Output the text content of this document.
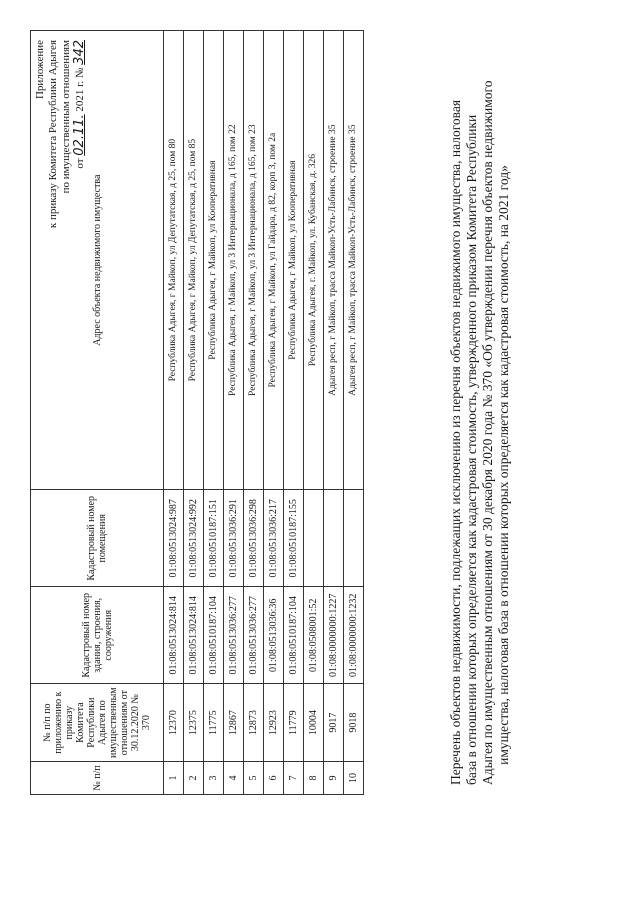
Приложение к приказу Комитета Республики Адыгея по имущественным отношениям от 02.11. 2021 г. № 342
Перечень объектов недвижимости, подлежащих исключению из перечня объектов недвижимого имущества, налоговая база в отношении которых определяется как кадастровая стоимость, утвержденного приказом Комитета Республики Адыгея по имущественным отношениям от 30 декабря 2020 года № 370 «Об утверждении перечня объектов недвижимого имущества, налоговая база в отношении которых определяется как кадастровая стоимость, на 2021 год»
№ п/п	№ п/п по приложению к приказу Комитета Республики Адыгея по имущественным отношениям от 30.12.2020 № 370	Кадастровый номер здания, строения, сооружения	Кадастровый номер помещения	Адрес объекта недвижимого имущества
1	12370	01:08:0513024:814	01:08:0513024:987	Республика Адыгея, г Майкоп, ул Депутатская, д 25, пом 80
2	12375	01:08:0513024:814	01:08:0513024:992	Республика Адыгея, г Майкоп, ул Депутатская, д 25, пом 85
3	11775	01:08:0510187:104	01:08:0510187:151	Республика Адыгея, г Майкоп, ул Кооперативная
4	12867	01:08:0513036:277	01:08:0513036:291	Республика Адыгея, г Майкоп, ул 3 Интернационала, д 165, пом 22
5	12873	01:08:0513036:277	01:08:0513036:298	Республика Адыгея, г Майкоп, ул 3 Интернационала, д 165, пом 23
6	12923	01:08:0513036:36	01:08:0513036:217	Республика Адыгея, г Майкоп, ул Гайдара, д 82, корп 3, пом 2а
7	11779	01:08:0510187:104	01:08:0510187:155	Республика Адыгея, г Майкоп, ул Кооперативная
8	10004	01:08:0508001:52		Республика Адыгея, г. Майкоп, ул. Кубанская, д. 326
9	9017	01:08:0000000:1227		Адыгея респ, г Майкоп, трасса Майкоп-Усть-Лабинск, строение 35
10	9018	01:08:0000000:1232		Адыгея респ, г Майкоп, трасса Майкоп-Усть-Лабинск, строение 35
